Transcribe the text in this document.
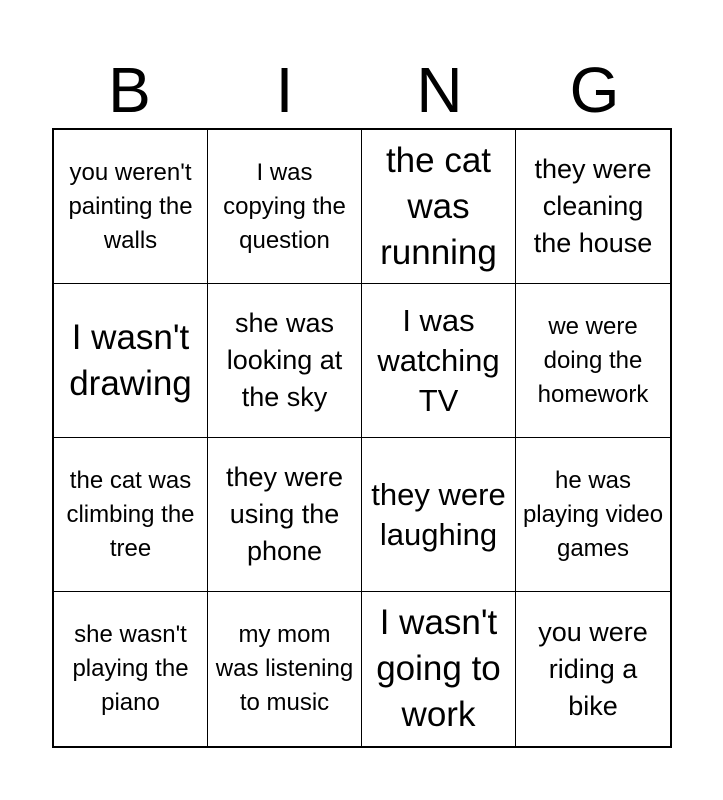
B	I	N	G
you weren't painting the walls
I was copying the question
the cat was running
they were cleaning the house
I wasn't drawing
she was looking at the sky
I was watching TV
we were doing the homework
the cat was climbing the tree
they were using the phone
they were laughing
he was playing video games
she wasn't playing the piano
my mom was listening to music
I wasn't going to work
you were riding a bike
